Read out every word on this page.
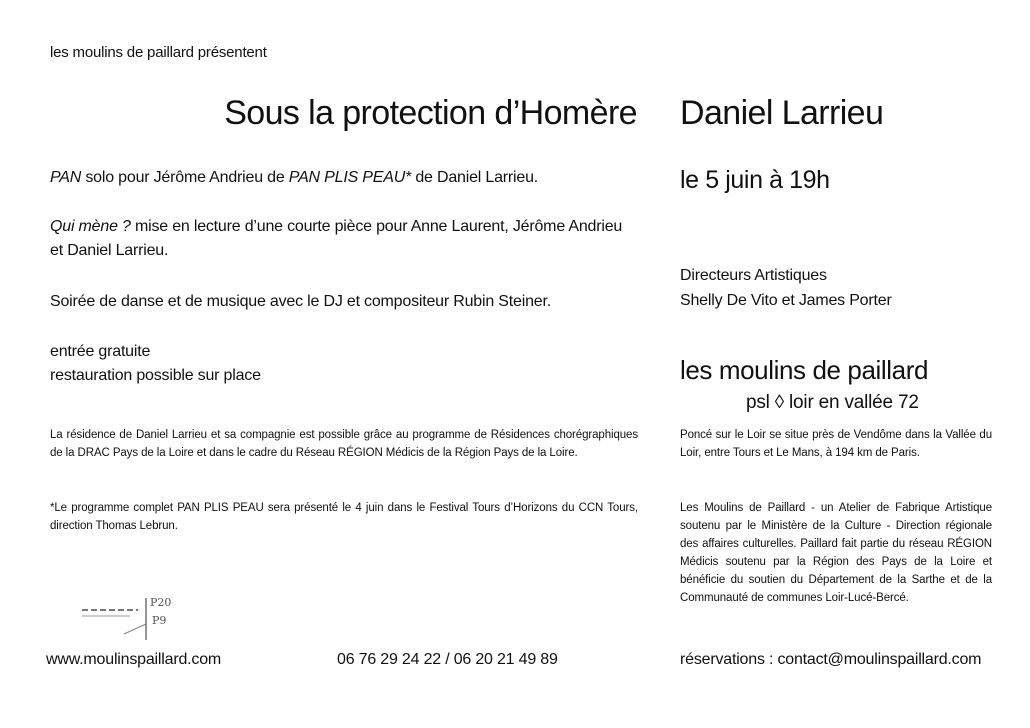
les moulins de paillard présentent
Sous la protection d’Homère Daniel Larrieu
le 5 juin à 19h
PAN solo pour Jérôme Andrieu de PAN PLIS PEAU* de Daniel Larrieu.
Qui mène ? mise en lecture d’une courte pièce pour Anne Laurent, Jérôme Andrieu et Daniel Larrieu.
Soirée de danse et de musique avec le DJ et compositeur Rubin Steiner.
entrée gratuite
restauration possible sur place
La résidence de Daniel Larrieu et sa compagnie est possible grâce au programme de Résidences chorégraphiques de la DRAC Pays de la Loire et dans le cadre du Réseau RÉGION Médicis de la Région Pays de la Loire.
*Le programme complet PAN PLIS PEAU sera présenté le 4 juin dans le Festival Tours d’Horizons du CCN Tours, direction Thomas Lebrun.
Directeurs Artistiques
Shelly De Vito et James Porter
les moulins de paillard
psl ◊ loir en vallée 72
Poncé sur le Loir se situe près de Vendôme dans la Vallée du Loir, entre Tours et Le Mans, à 194 km de Paris.
Les Moulins de Paillard - un Atelier de Fabrique Artistique soutenu par le Ministère de la Culture - Direction régionale des affaires culturelles. Paillard fait partie du réseau RÉGION Médicis soutenu par la Région des Pays de la Loire et bénéficie du soutien du Département de la Sarthe et de la Communauté de communes Loir-Lucé-Bercé.
P20
P9
www.moulinspaillard.com	06 76 29 24 22 / 06 20 21 49 89	réservations : contact@moulinspaillard.com
